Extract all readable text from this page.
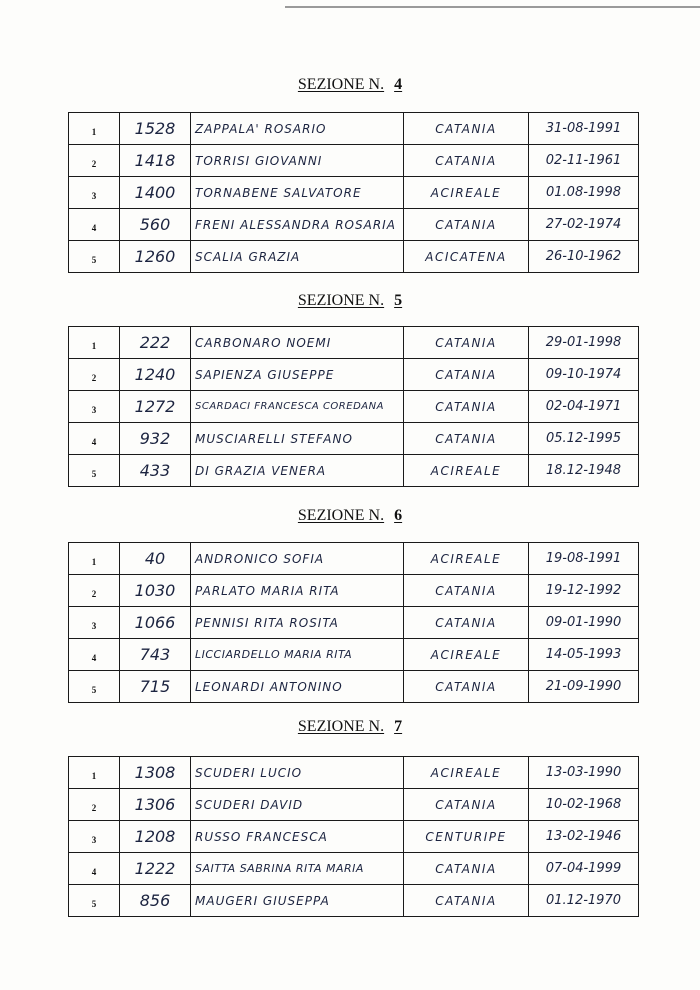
SEZIONE N. 4
1	1528	ZAPPALA' ROSARIO	CATANIA	31-08-1991
2	1418	TORRISI GIOVANNI	CATANIA	02-11-1961
3	1400	TORNABENE SALVATORE	ACIREALE	01.08-1998
4	560	FRENI ALESSANDRA ROSARIA	CATANIA	27-02-1974
5	1260	SCALIA GRAZIA	ACICATENA	26-10-1962
SEZIONE N. 5
1	222	CARBONARO NOEMI	CATANIA	29-01-1998
2	1240	SAPIENZA GIUSEPPE	CATANIA	09-10-1974
3	1272	SCARDACI FRANCESCA COREDANA	CATANIA	02-04-1971
4	932	MUSCIARELLI STEFANO	CATANIA	05.12-1995
5	433	DI GRAZIA VENERA	ACIREALE	18.12-1948
SEZIONE N. 6
1	40	ANDRONICO SOFIA	ACIREALE	19-08-1991
2	1030	PARLATO MARIA RITA	CATANIA	19-12-1992
3	1066	PENNISI RITA ROSITA	CATANIA	09-01-1990
4	743	LICCIARDELLO MARIA RITA	ACIREALE	14-05-1993
5	715	LEONARDI ANTONINO	CATANIA	21-09-1990
SEZIONE N. 7
1	1308	SCUDERI LUCIO	ACIREALE	13-03-1990
2	1306	SCUDERI DAVID	CATANIA	10-02-1968
3	1208	RUSSO FRANCESCA	CENTURIPE	13-02-1946
4	1222	SAITTA SABRINA RITA MARIA	CATANIA	07-04-1999
5	856	MAUGERI GIUSEPPA	CATANIA	01.12-1970
